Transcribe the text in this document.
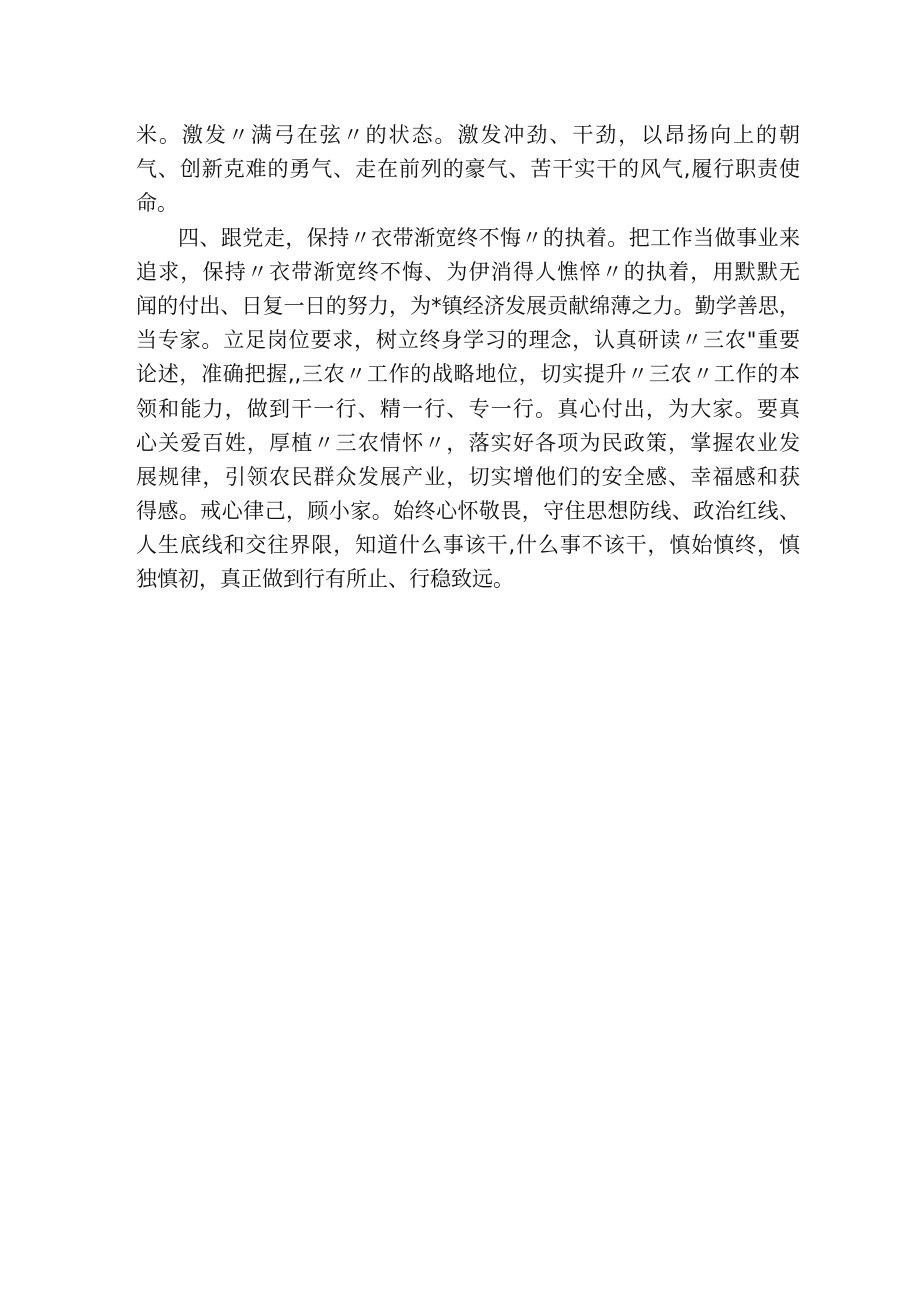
米。激发〃满弓在弦〃的状态。激发冲劲、干劲，以昂扬向上的朝
气、创新克难的勇气、走在前列的豪气、苦干实干的风气,履行职责使
命。
四、跟党走，保持〃衣带渐宽终不悔〃的执着。把工作当做事业来
追求，保持〃衣带渐宽终不悔、为伊消得人憔悴〃的执着，用默默无
闻的付出、日复一日的努力，为*镇经济发展贡献绵薄之力。勤学善思，
当专家。立足岗位要求，树立终身学习的理念，认真研读〃三农"重要
论述，准确把握,,三农〃工作的战略地位，切实提升〃三农〃工作的本
领和能力，做到干一行、精一行、专一行。真心付出，为大家。要真
心关爱百姓，厚植〃三农情怀〃，落实好各项为民政策，掌握农业发
展规律，引领农民群众发展产业，切实增他们的安全感、幸福感和获
得感。戒心律己，顾小家。始终心怀敬畏，守住思想防线、政治红线、
人生底线和交往界限，知道什么事该干,什么事不该干，慎始慎终，慎
独慎初，真正做到行有所止、行稳致远。
